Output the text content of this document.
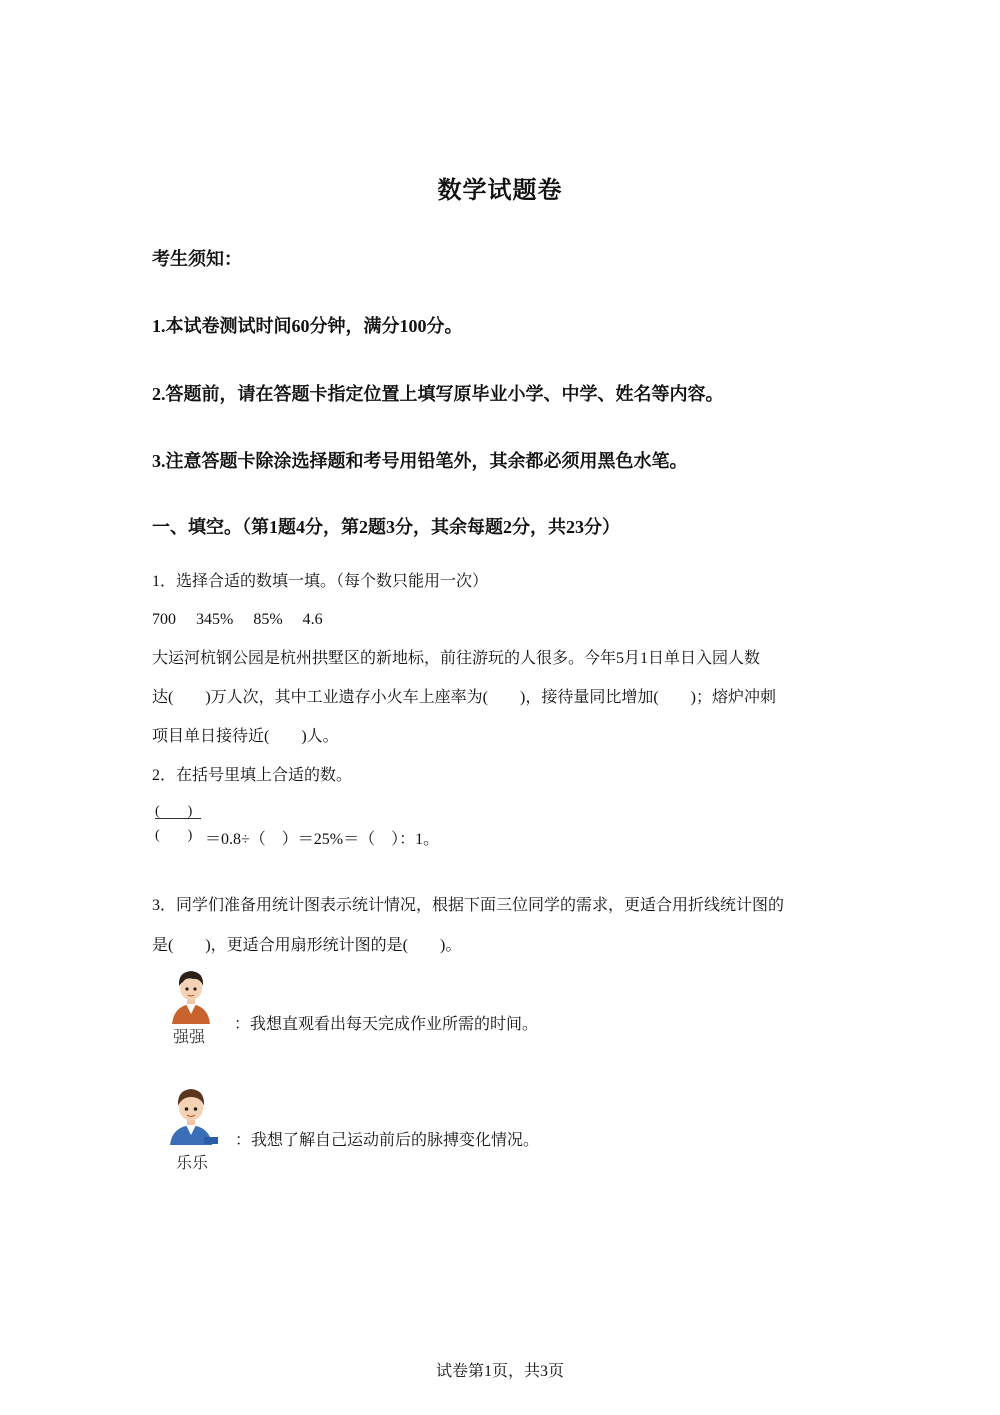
数学试题卷
考生须知：
1.本试卷测试时间60分钟，满分100分。
2.答题前，请在答题卡指定位置上填写原毕业小学、中学、姓名等内容。
3.注意答题卡除涂选择题和考号用铅笔外，其余都必须用黑色水笔。
一、填空。（第1题4分，第2题3分，其余每题2分，共23分）
1．选择合适的数填一填。（每个数只能用一次）
700　 345%　 85%　 4.6
大运河杭钢公园是杭州拱墅区的新地标，前往游玩的人很多。今年5月1日单日入园人数
达(　　)万人次，其中工业遗存小火车上座率为(　　)，接待量同比增加(　　)；熔炉冲刺
项目单日接待近(　　)人。
2．在括号里填上合适的数。
(　　)
(　　) ＝0.8÷（　）＝25%＝（　）：1。
3．同学们准备用统计图表示统计情况，根据下面三位同学的需求，更适合用折线统计图的
是(　　)，更适合用扇形统计图的是(　　)。
强强
：我想直观看出每天完成作业所需的时间。
乐乐
：我想了解自己运动前后的脉搏变化情况。
试卷第1页，共3页
